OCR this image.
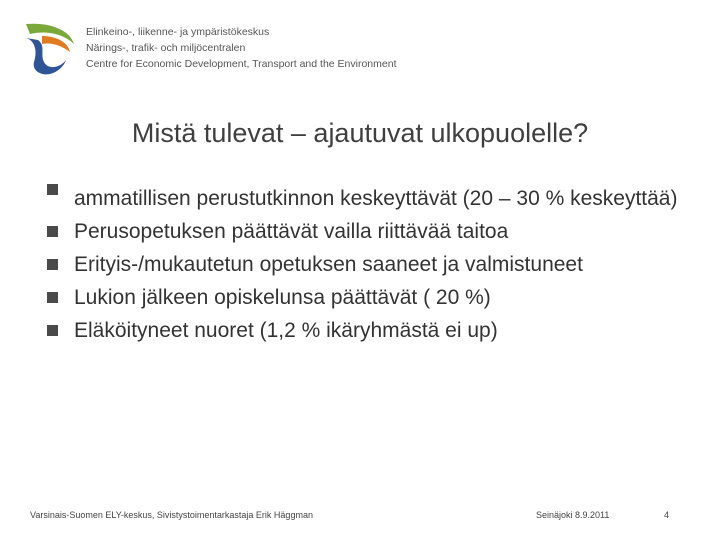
Elinkeino-, liikenne- ja ympäristökeskus
Närings-, trafik- och miljöcentralen
Centre for Economic Development, Transport and the Environment
Mistä tulevat – ajautuvat ulkopuolelle?
ammatillisen perustutkinnon keskeyttävät (20 – 30 % keskeyttää)
Perusopetuksen päättävät vailla riittävää taitoa
Erityis-/mukautetun opetuksen saaneet ja valmistuneet
Lukion jälkeen opiskelunsa päättävät ( 20 %)
Eläköityneet nuoret (1,2 % ikäryhmästä ei up)
Varsinais-Suomen ELY-keskus, Sivistystoimentarkastaja Erik Häggman	Seinäjoki 8.9.2011	4
